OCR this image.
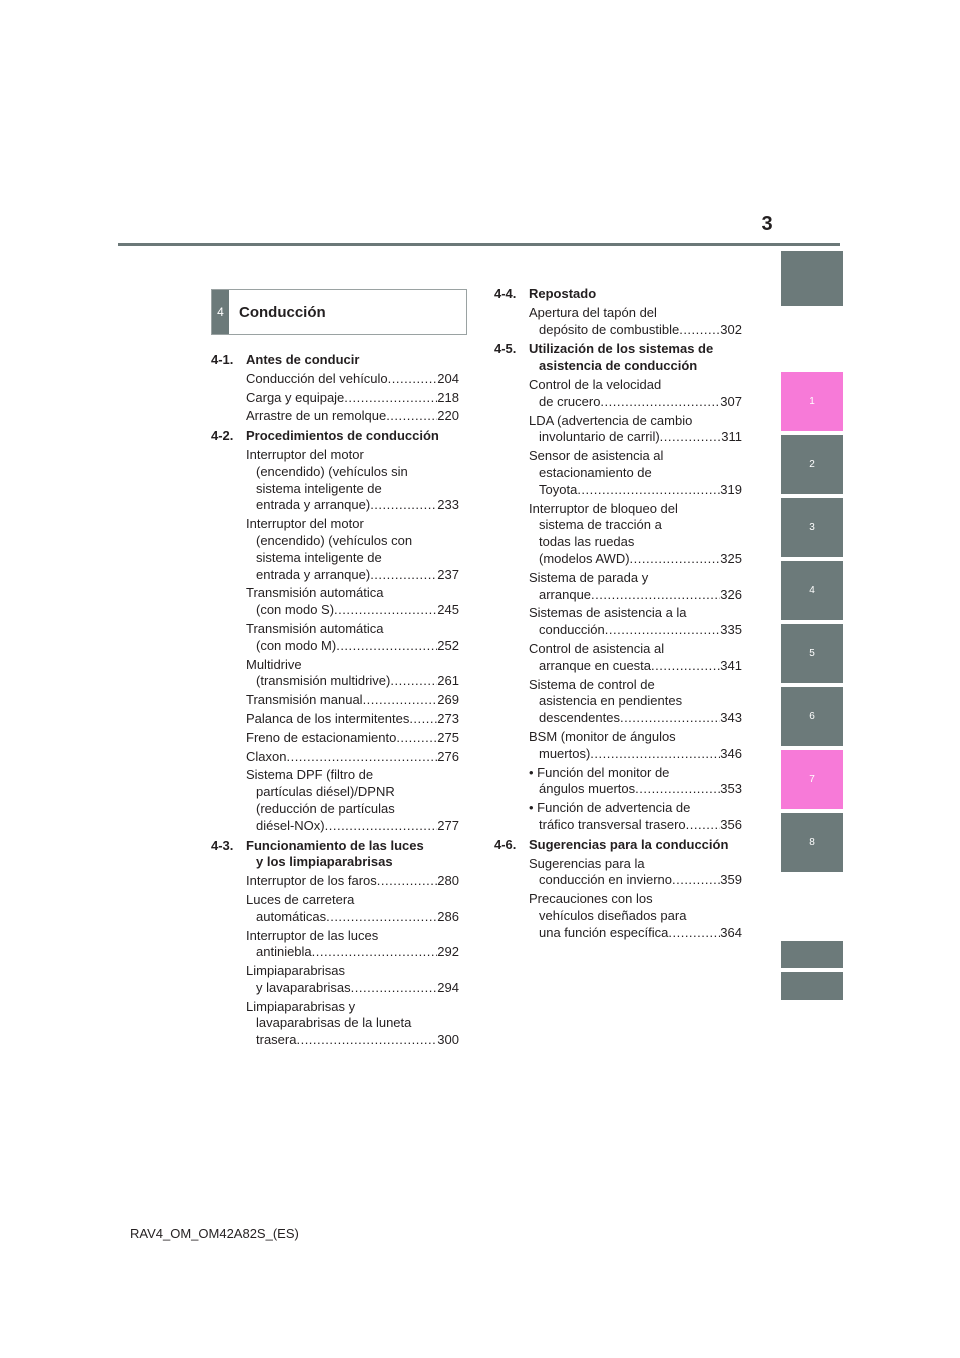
3
1
2
3
4
5
6
7
8
4	Conducción
4-1. Antes de conducir
Conducción del vehículo .....	204
Carga y equipaje .....	218
Arrastre de un remolque .....	220
4-2. Procedimientos de conducción
Interruptor del motor
(encendido) (vehículos sin
sistema inteligente de
entrada y arranque) .....	233
Interruptor del motor
(encendido) (vehículos con
sistema inteligente de
entrada y arranque) .....	237
Transmisión automática
(con modo S) .....	245
Transmisión automática
(con modo M) .....	252
Multidrive
(transmisión multidrive) .....	261
Transmisión manual .....	269
Palanca de los intermitentes ..... 273
Freno de estacionamiento .....	275
Claxon .....	276
Sistema DPF (filtro de
partículas diésel)/DPNR
(reducción de partículas
diésel-NOx) .....	277
4-3. Funcionamiento de las luces
y los limpiaparabrisas
Interruptor de los faros .....	280
Luces de carretera
automáticas .....	286
Interruptor de las luces
antiniebla .....	292
Limpiaparabrisas
y lavaparabrisas .....	294
Limpiaparabrisas y
lavaparabrisas de la luneta
trasera .....	300
4-4. Repostado
Apertura del tapón del
depósito de combustible .....	302
4-5. Utilización de los sistemas de
asistencia de conducción
Control de la velocidad
de crucero .....	307
LDA (advertencia de cambio
involuntario de carril) .....	311
Sensor de asistencia al
estacionamiento de
Toyota .....	319
Interruptor de bloqueo del
sistema de tracción a
todas las ruedas
(modelos AWD) .....	325
Sistema de parada y
arranque .....	326
Sistemas de asistencia a la
conducción .....	335
Control de asistencia al
arranque en cuesta .....	341
Sistema de control de
asistencia en pendientes
descendentes .....	343
BSM (monitor de ángulos
muertos) .....	346
• Función del monitor de
ángulos muertos .....	353
• Función de advertencia de
tráfico transversal trasero .....	356
4-6. Sugerencias para la conducción
Sugerencias para la
conducción en invierno .....	359
Precauciones con los
vehículos diseñados para
una función específica .....	364
RAV4_OM_OM42A82S_(ES)
